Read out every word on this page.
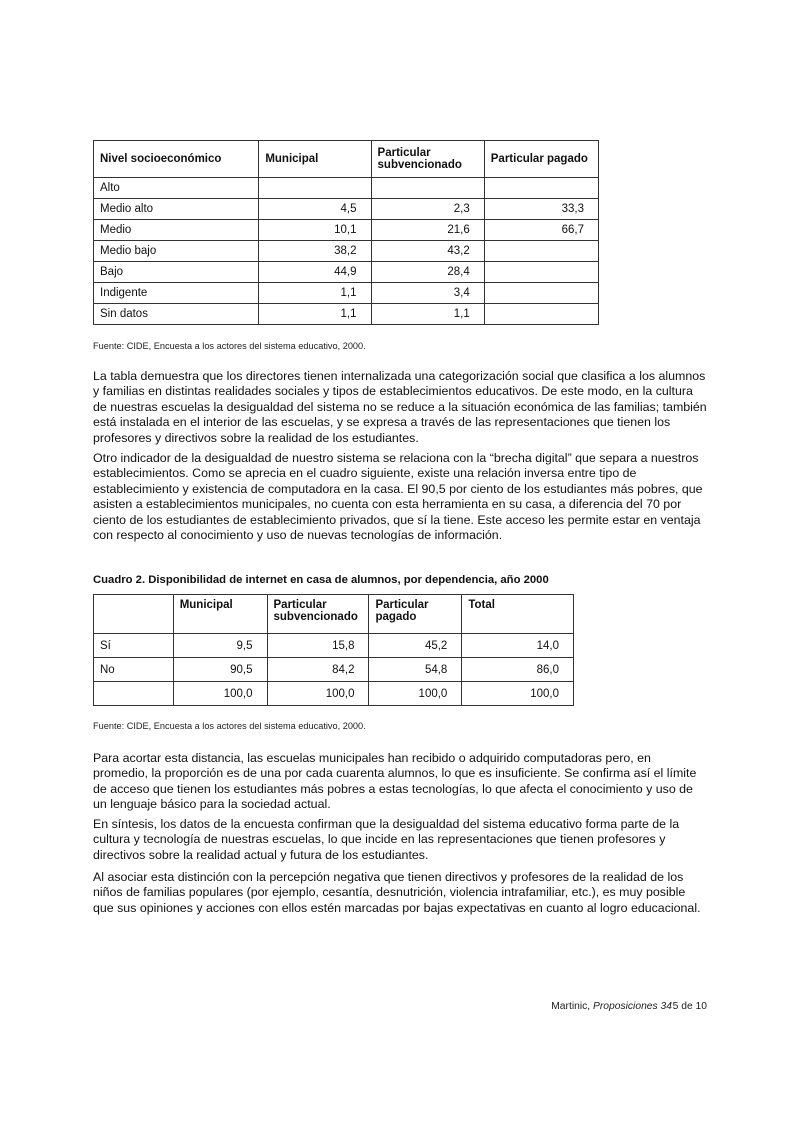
Nivel socioeconómico	Municipal	Particular subvencionado	Particular pagado
Alto			
Medio alto	4,5	2,3	33,3
Medio	10,1	21,6	66,7
Medio bajo	38,2	43,2	
Bajo	44,9	28,4	
Indigente	1,1	3,4	
Sin datos	1,1	1,1	
Fuente: CIDE, Encuesta a los actores del sistema educativo, 2000.

La tabla demuestra que los directores tienen internalizada una categorización social que clasifica a los alumnos y familias en distintas realidades sociales y tipos de establecimientos educativos. De este modo, en la cultura de nuestras escuelas la desigualdad del sistema no se reduce a la situación económica de las familias; también está instalada en el interior de las escuelas, y se expresa a través de las representaciones que tienen los profesores y directivos sobre la realidad de los estudiantes.

Otro indicador de la desigualdad de nuestro sistema se relaciona con la “brecha digital” que separa a nuestros establecimientos. Como se aprecia en el cuadro siguiente, existe una relación inversa entre tipo de establecimiento y existencia de computadora en la casa. El 90,5 por ciento de los estudiantes más pobres, que asisten a establecimientos municipales, no cuenta con esta herramienta en su casa, a diferencia del 70 por ciento de los estudiantes de establecimiento privados, que sí la tiene. Este acceso les permite estar en ventaja con respecto al conocimiento y uso de nuevas tecnologías de información.

Cuadro 2. Disponibilidad de internet en casa de alumnos, por dependencia, año 2000
	Municipal	Particular subvencionado	Particular pagado	Total
Sí	9,5	15,8	45,2	14,0
No	90,5	84,2	54,8	86,0
	100,0	100,0	100,0	100,0
Fuente: CIDE, Encuesta a los actores del sistema educativo, 2000.

Para acortar esta distancia, las escuelas municipales han recibido o adquirido computadoras pero, en promedio, la proporción es de una por cada cuarenta alumnos, lo que es insuficiente. Se confirma así el límite de acceso que tienen los estudiantes más pobres a estas tecnologías, lo que afecta el conocimiento y uso de un lenguaje básico para la sociedad actual.

En síntesis, los datos de la encuesta confirman que la desigualdad del sistema educativo forma parte de la cultura y tecnología de nuestras escuelas, lo que incide en las representaciones que tienen profesores y directivos sobre la realidad actual y futura de los estudiantes.

Al asociar esta distinción con la percepción negativa que tienen directivos y profesores de la realidad de los niños de familias populares (por ejemplo, cesantía, desnutrición, violencia intrafamiliar, etc.), es muy posible que sus opiniones y acciones con ellos estén marcadas por bajas expectativas en cuanto al logro educacional.

Martinic, Proposiciones 34 5 de 10
